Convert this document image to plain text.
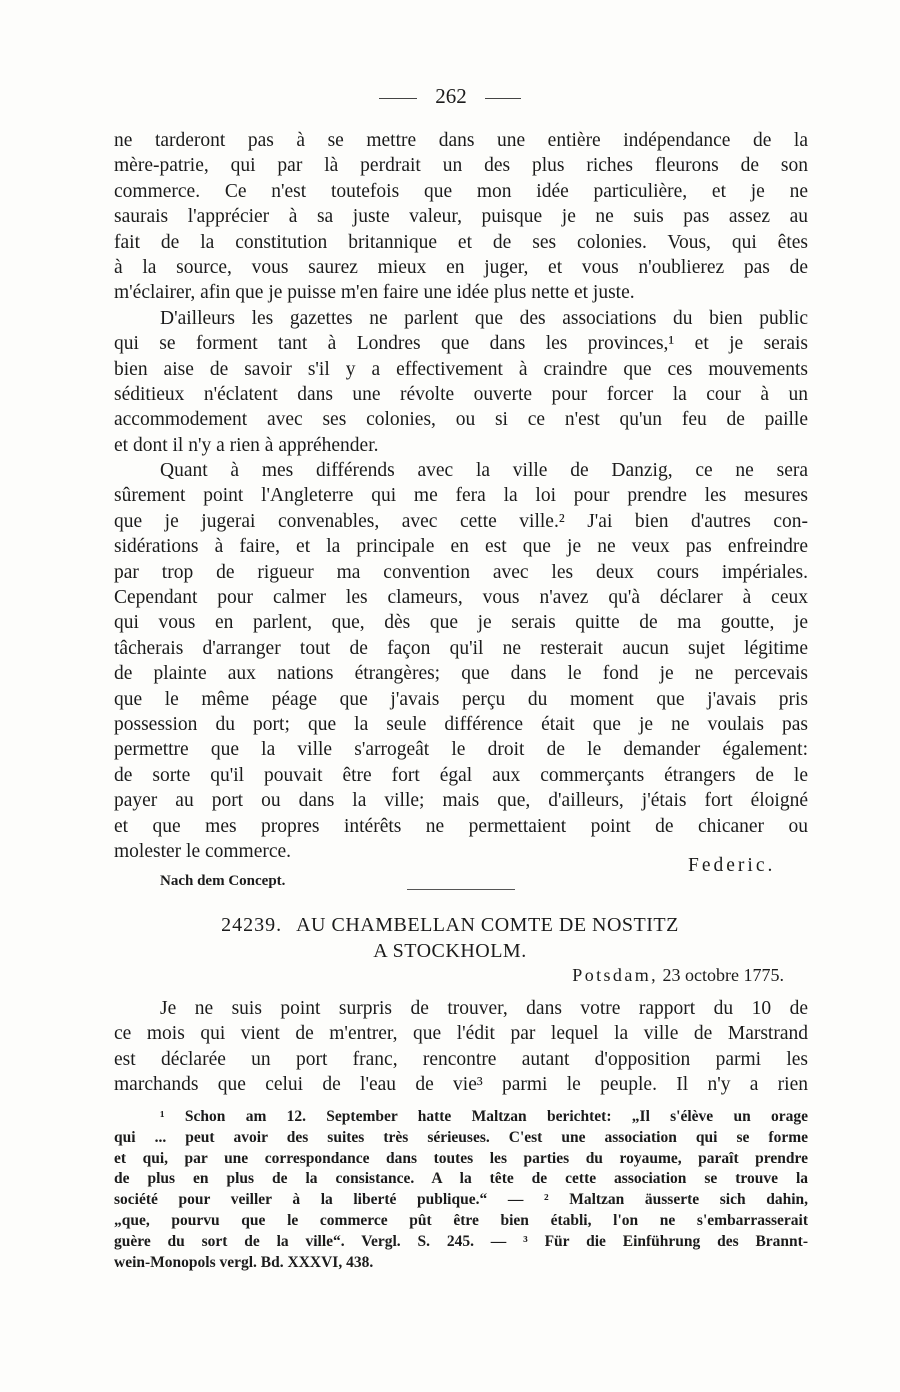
262
ne tarderont pas à se mettre dans une entière indépendance de la
mère-patrie, qui par là perdrait un des plus riches fleurons de son
commerce. Ce n'est toutefois que mon idée particulière, et je ne
saurais l'apprécier à sa juste valeur, puisque je ne suis pas assez au
fait de la constitution britannique et de ses colonies. Vous, qui êtes
à la source, vous saurez mieux en juger, et vous n'oublierez pas de
m'éclairer, afin que je puisse m'en faire une idée plus nette et juste.
D'ailleurs les gazettes ne parlent que des associations du bien public
qui se forment tant à Londres que dans les provinces,¹ et je serais
bien aise de savoir s'il y a effectivement à craindre que ces mouvements
séditieux n'éclatent dans une révolte ouverte pour forcer la cour à un
accommodement avec ses colonies, ou si ce n'est qu'un feu de paille
et dont il n'y a rien à appréhender.
Quant à mes différends avec la ville de Danzig, ce ne sera
sûrement point l'Angleterre qui me fera la loi pour prendre les mesures
que je jugerai convenables, avec cette ville.² J'ai bien d'autres con-
sidérations à faire, et la principale en est que je ne veux pas enfreindre
par trop de rigueur ma convention avec les deux cours impériales.
Cependant pour calmer les clameurs, vous n'avez qu'à déclarer à ceux
qui vous en parlent, que, dès que je serais quitte de ma goutte, je
tâcherais d'arranger tout de façon qu'il ne resterait aucun sujet légitime
de plainte aux nations étrangères; que dans le fond je ne percevais
que le même péage que j'avais perçu du moment que j'avais pris
possession du port; que la seule différence était que je ne voulais pas
permettre que la ville s'arrogeât le droit de le demander également:
de sorte qu'il pouvait être fort égal aux commerçants étrangers de le
payer au port ou dans la ville; mais que, d'ailleurs, j'étais fort éloigné
et que mes propres intérêts ne permettaient point de chicaner ou
molester le commerce.
Federic.
Nach dem Concept.
24239. AU CHAMBELLAN COMTE DE NOSTITZ
A STOCKHOLM.
Potsdam, 23 octobre 1775.
Je ne suis point surpris de trouver, dans votre rapport du 10 de
ce mois qui vient de m'entrer, que l'édit par lequel la ville de Marstrand
est déclarée un port franc, rencontre autant d'opposition parmi les
marchands que celui de l'eau de vie³ parmi le peuple. Il n'y a rien
¹ Schon am 12. September hatte Maltzan berichtet: „Il s'élève un orage
qui ... peut avoir des suites très sérieuses. C'est une association qui se forme
et qui, par une correspondance dans toutes les parties du royaume, paraît prendre
de plus en plus de la consistance. A la tête de cette association se trouve la
société pour veiller à la liberté publique.“ — ² Maltzan äusserte sich dahin,
„que, pourvu que le commerce pût être bien établi, l'on ne s'embarrasserait
guère du sort de la ville“. Vergl. S. 245. — ³ Für die Einführung des Brannt-
wein-Monopols vergl. Bd. XXXVI, 438.
